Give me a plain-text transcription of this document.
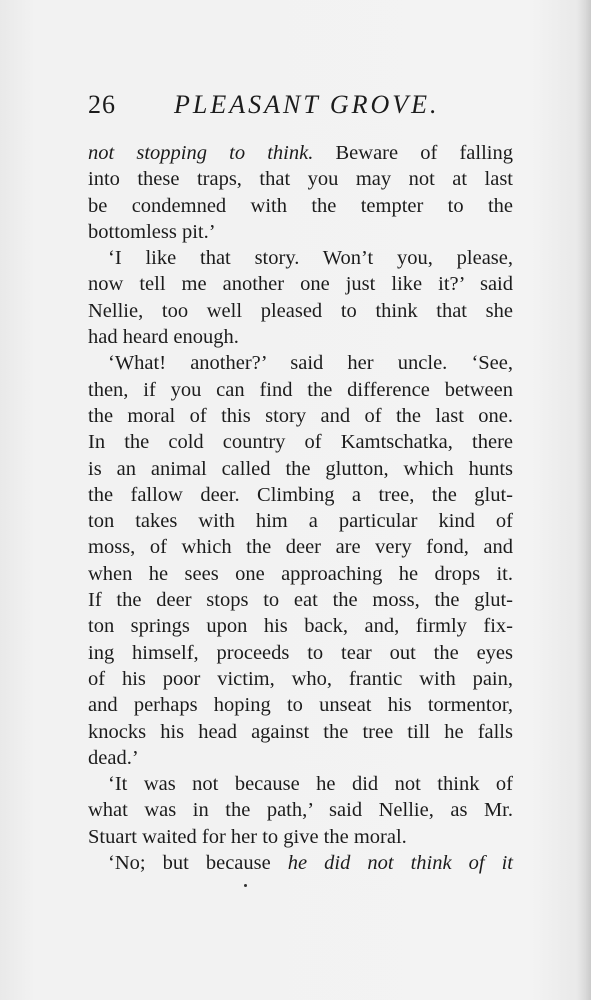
26 PLEASANT GROVE.
not stopping to think. Beware of falling
into these traps, that you may not at last
be condemned with the tempter to the
bottomless pit.’
‘I like that story. Won’t you, please,
now tell me another one just like it?’ said
Nellie, too well pleased to think that she
had heard enough.
‘What! another?’ said her uncle. ‘See,
then, if you can find the difference between
the moral of this story and of the last one.
In the cold country of Kamtschatka, there
is an animal called the glutton, which hunts
the fallow deer. Climbing a tree, the glut-
ton takes with him a particular kind of
moss, of which the deer are very fond, and
when he sees one approaching he drops it.
If the deer stops to eat the moss, the glut-
ton springs upon his back, and, firmly fix-
ing himself, proceeds to tear out the eyes
of his poor victim, who, frantic with pain,
and perhaps hoping to unseat his tormentor,
knocks his head against the tree till he falls
dead.’
‘It was not because he did not think of
what was in the path,’ said Nellie, as Mr.
Stuart waited for her to give the moral.
‘No; but because he did not think of it
